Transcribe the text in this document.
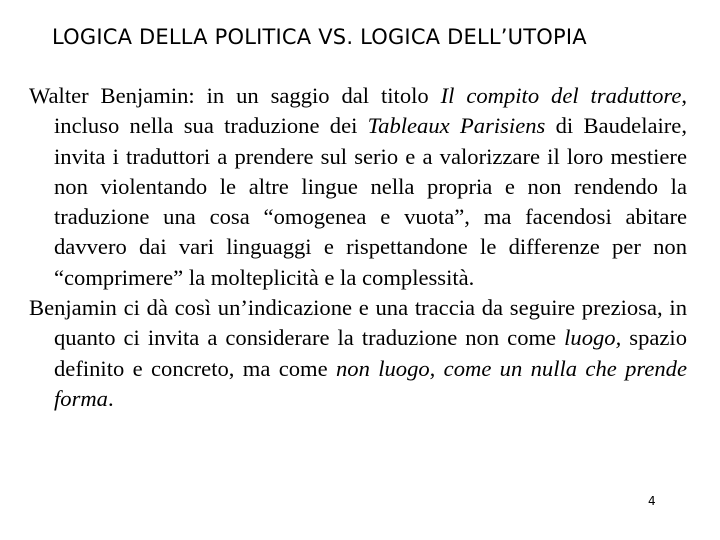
LOGICA DELLA POLITICA VS. LOGICA DELL’UTOPIA

Walter Benjamin: in un saggio dal titolo Il compito del traduttore, incluso nella sua traduzione dei Tableaux Parisiens di Baudelaire, invita i traduttori a prendere sul serio e a valorizzare il loro mestiere non violentando le altre lingue nella propria e non rendendo la traduzione una cosa “omogenea e vuota”, ma facendosi abitare davvero dai vari linguaggi e rispettandone le differenze per non “comprimere” la molteplicità e la complessità.

Benjamin ci dà così un’indicazione e una traccia da seguire preziosa, in quanto ci invita a considerare la traduzione non come luogo, spazio definito e concreto, ma come non luogo, come un nulla che prende forma.

4
